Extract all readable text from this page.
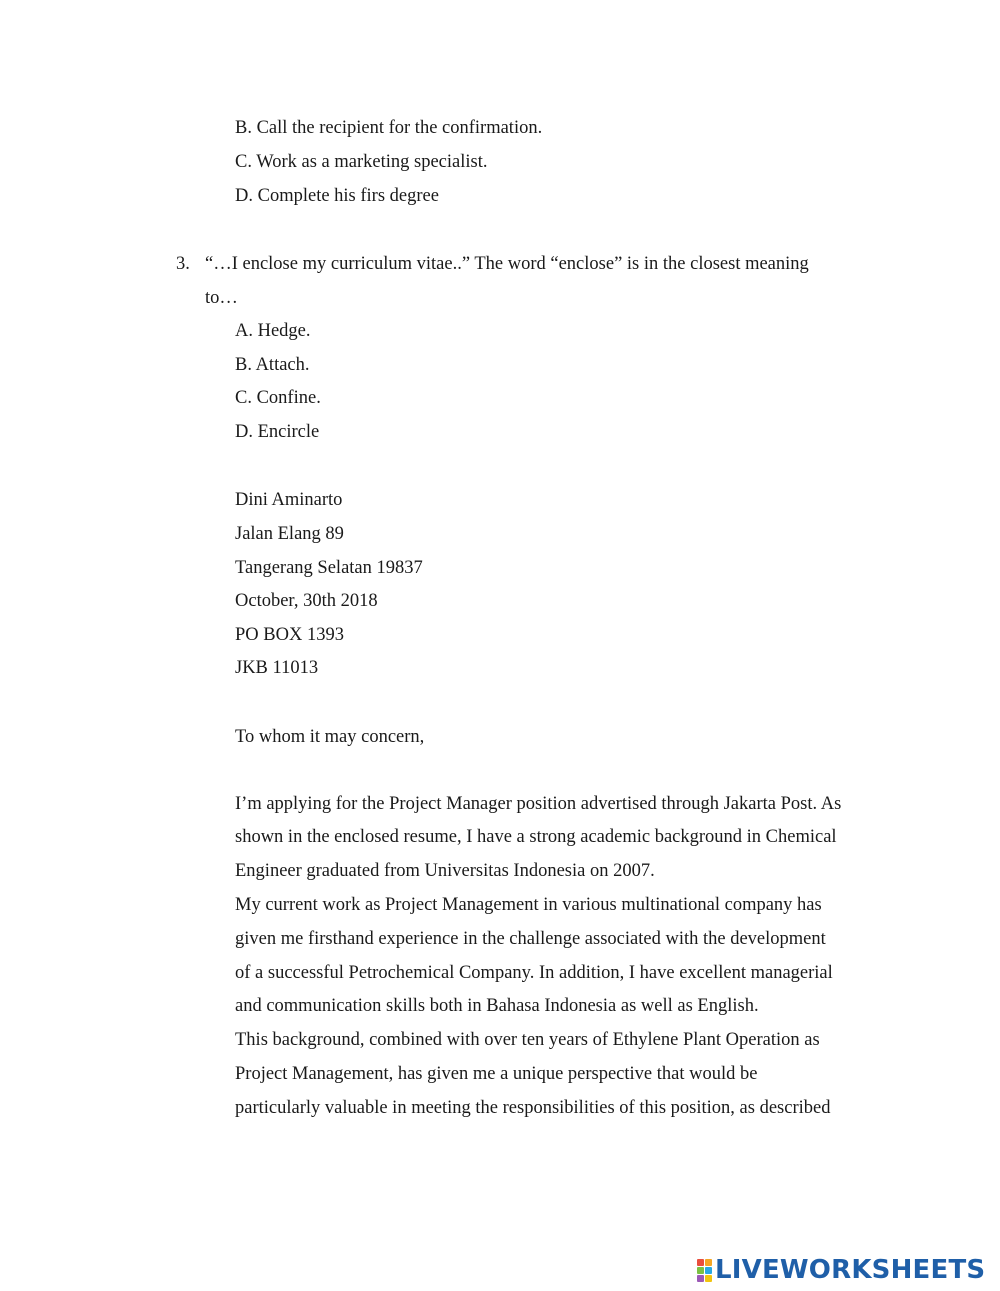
B. Call the recipient for the confirmation.
C. Work as a marketing specialist.
D. Complete his firs degree
3. “…I enclose my curriculum vitae..” The word “enclose” is in the closest meaning
to…
A. Hedge.
B. Attach.
C. Confine.
D. Encircle
Dini Aminarto
Jalan Elang 89
Tangerang Selatan 19837
October, 30th 2018
PO BOX 1393
JKB 11013
To whom it may concern,
I’m applying for the Project Manager position advertised through Jakarta Post. As
shown in the enclosed resume, I have a strong academic background in Chemical
Engineer graduated from Universitas Indonesia on 2007.
My current work as Project Management in various multinational company has
given me firsthand experience in the challenge associated with the development
of a successful Petrochemical Company. In addition, I have excellent managerial
and communication skills both in Bahasa Indonesia as well as English.
This background, combined with over ten years of Ethylene Plant Operation as
Project Management, has given me a unique perspective that would be
particularly valuable in meeting the responsibilities of this position, as described
LIVEWORKSHEETS
